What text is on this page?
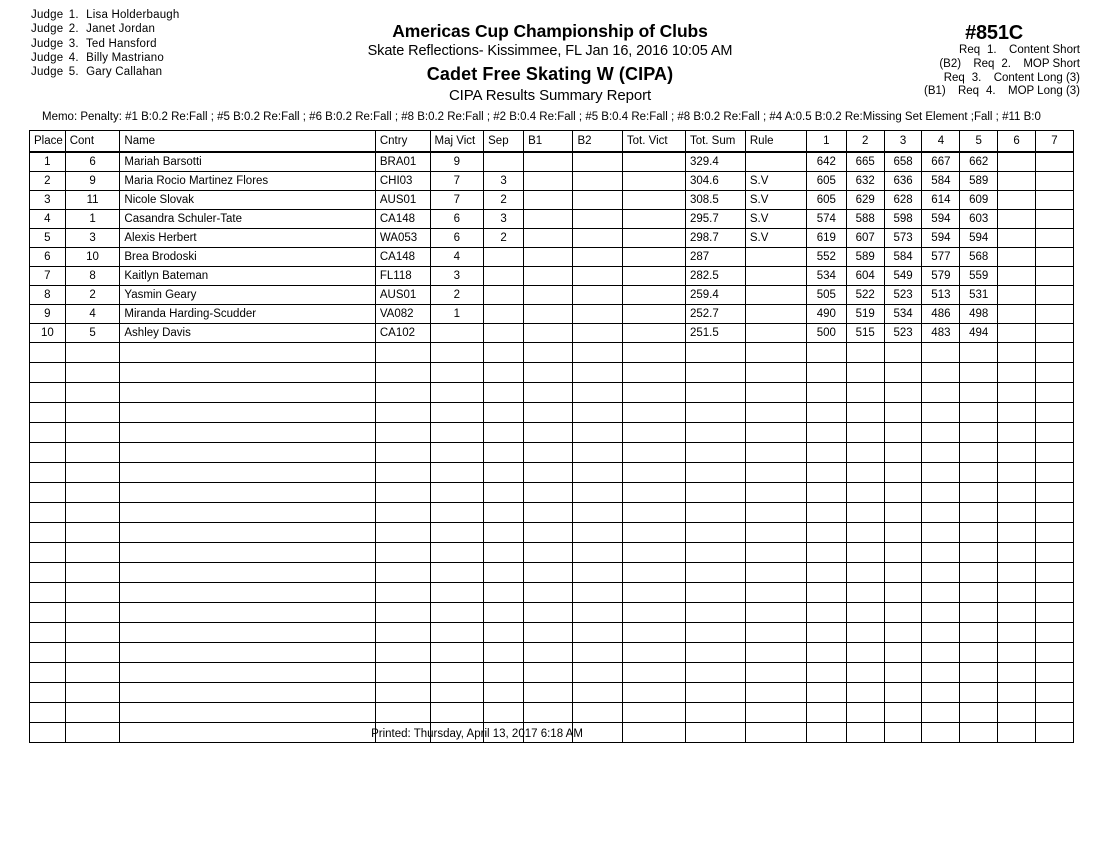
Judge 1. Lisa Holderbaugh
Judge 2. Janet Jordan
Judge 3. Ted Hansford
Judge 4. Billy Mastriano
Judge 5. Gary Callahan
Americas Cup Championship of Clubs
Skate Reflections- Kissimmee, FL Jan 16, 2016 10:05 AM
Cadet Free Skating W (CIPA)
CIPA Results Summary Report
#851C
Req 1.	Content Short
(B2)	Req 2.	MOP Short
Req 3.	Content Long (3)
(B1)	Req 4.	MOP Long (3)
Memo: Penalty: #1 B:0.2 Re:Fall ; #5 B:0.2 Re:Fall ; #6 B:0.2 Re:Fall ; #8 B:0.2 Re:Fall ; #2 B:0.4 Re:Fall ; #5 B:0.4 Re:Fall ; #8 B:0.2 Re:Fall ; #4 A:0.5 B:0.2 Re:Missing Set Element ;Fall ; #11 B:0
Place	Cont	Name	Cntry	Maj Vict	Sep	B1	B2	Tot. Vict	Tot. Sum	Rule	1	2	3	4	5	6	7
1	6	Mariah Barsotti	BRA01	9					329.4		642	665	658	667	662		
2	9	Maria Rocio Martinez Flores	CHI03	7	3				304.6	S.V	605	632	636	584	589		
3	11	Nicole Slovak	AUS01	7	2				308.5	S.V	605	629	628	614	609		
4	1	Casandra Schuler-Tate	CA148	6	3				295.7	S.V	574	588	598	594	603		
5	3	Alexis Herbert	WA053	6	2				298.7	S.V	619	607	573	594	594		
6	10	Brea Brodoski	CA148	4					287		552	589	584	577	568		
7	8	Kaitlyn Bateman	FL118	3					282.5		534	604	549	579	559		
8	2	Yasmin Geary	AUS01	2					259.4		505	522	523	513	531		
9	4	Miranda Harding-Scudder	VA082	1					252.7		490	519	534	486	498		
10	5	Ashley Davis	CA102						251.5		500	515	523	483	494		

Printed: Thursday, April 13, 2017 6:18 AM
